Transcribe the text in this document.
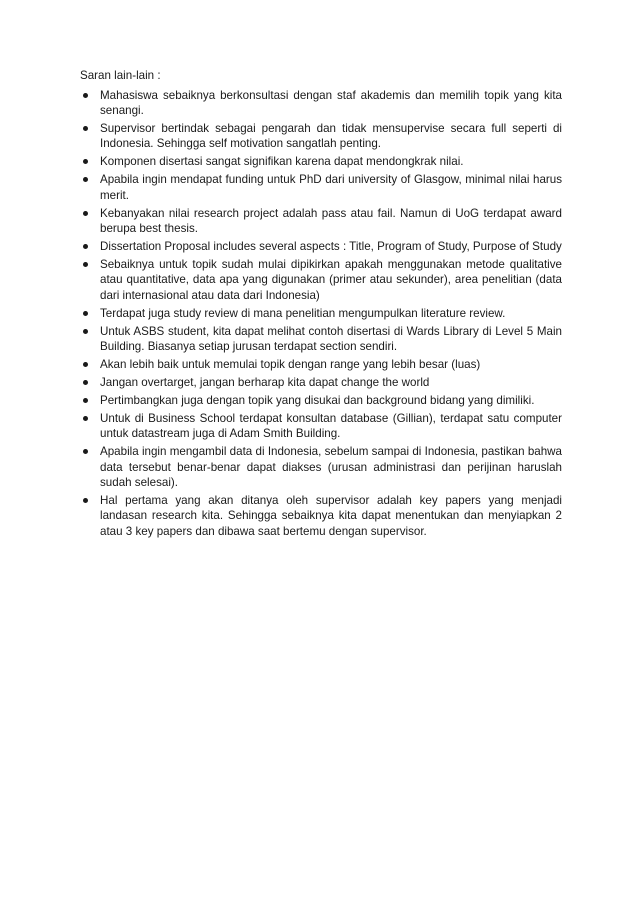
Saran lain-lain :
Mahasiswa sebaiknya berkonsultasi dengan staf akademis dan memilih topik yang kita senangi.
Supervisor bertindak sebagai pengarah dan tidak mensupervise secara full seperti di Indonesia. Sehingga self motivation sangatlah penting.
Komponen disertasi sangat signifikan karena dapat mendongkrak nilai.
Apabila ingin mendapat funding untuk PhD dari university of Glasgow, minimal nilai harus merit.
Kebanyakan nilai research project adalah pass atau fail. Namun di UoG terdapat award berupa best thesis.
Dissertation Proposal includes several aspects : Title, Program of Study, Purpose of Study
Sebaiknya untuk topik sudah mulai dipikirkan apakah menggunakan metode qualitative atau quantitative, data apa yang digunakan (primer atau sekunder), area penelitian (data dari internasional atau data dari Indonesia)
Terdapat juga study review di mana penelitian mengumpulkan literature review.
Untuk ASBS student, kita dapat melihat contoh disertasi di Wards Library di Level 5 Main Building. Biasanya setiap jurusan terdapat section sendiri.
Akan lebih baik untuk memulai topik dengan range yang lebih besar (luas)
Jangan overtarget, jangan berharap kita dapat change the world
Pertimbangkan juga dengan topik yang disukai dan background bidang yang dimiliki.
Untuk di Business School terdapat konsultan database (Gillian), terdapat satu computer untuk datastream juga di Adam Smith Building.
Apabila ingin mengambil data di Indonesia, sebelum sampai di Indonesia, pastikan bahwa data tersebut benar-benar dapat diakses (urusan administrasi dan perijinan haruslah sudah selesai).
Hal pertama yang akan ditanya oleh supervisor adalah key papers yang menjadi landasan research kita. Sehingga sebaiknya kita dapat menentukan dan menyiapkan 2 atau 3 key papers dan dibawa saat bertemu dengan supervisor.
